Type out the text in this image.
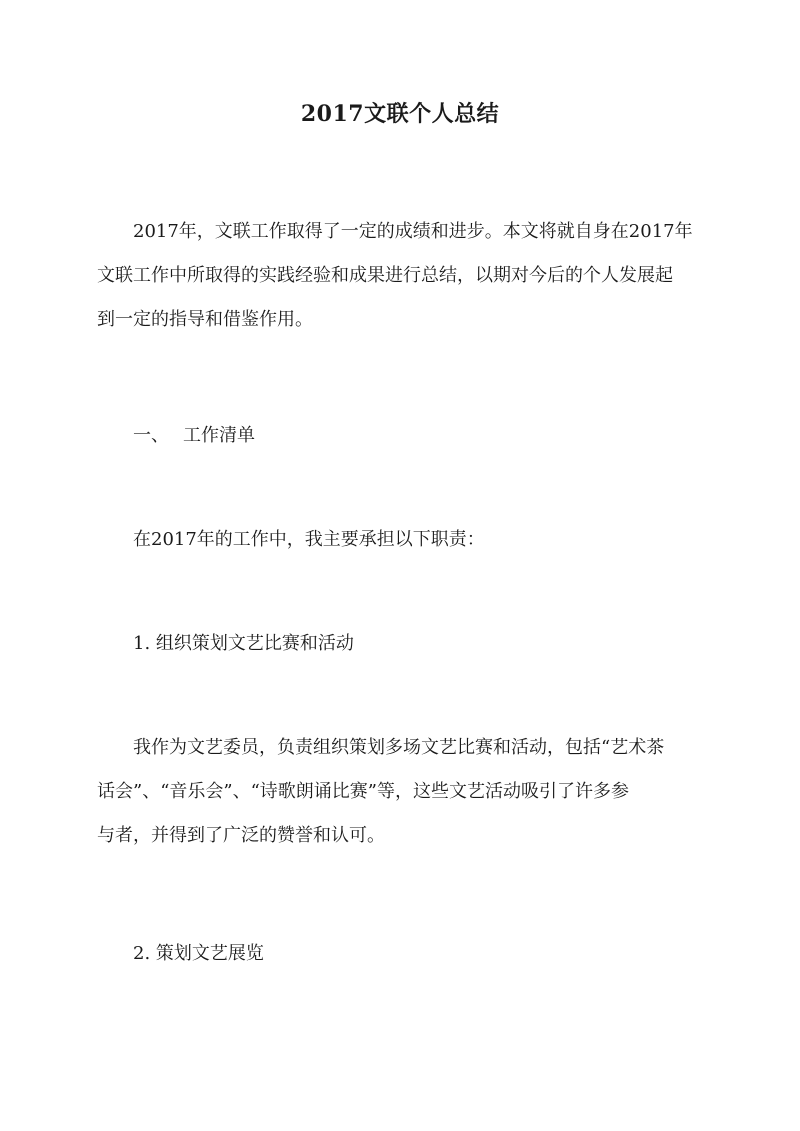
2017文联个人总结
2017年，文联工作取得了一定的成绩和进步。本文将就自身在2017年
文联工作中所取得的实践经验和成果进行总结，以期对今后的个人发展起
到一定的指导和借鉴作用。
一、 工作清单
在2017年的工作中，我主要承担以下职责：
1. 组织策划文艺比赛和活动
我作为文艺委员，负责组织策划多场文艺比赛和活动，包括“艺术茶
话会”、“音乐会”、“诗歌朗诵比赛”等，这些文艺活动吸引了许多参
与者，并得到了广泛的赞誉和认可。
2. 策划文艺展览
